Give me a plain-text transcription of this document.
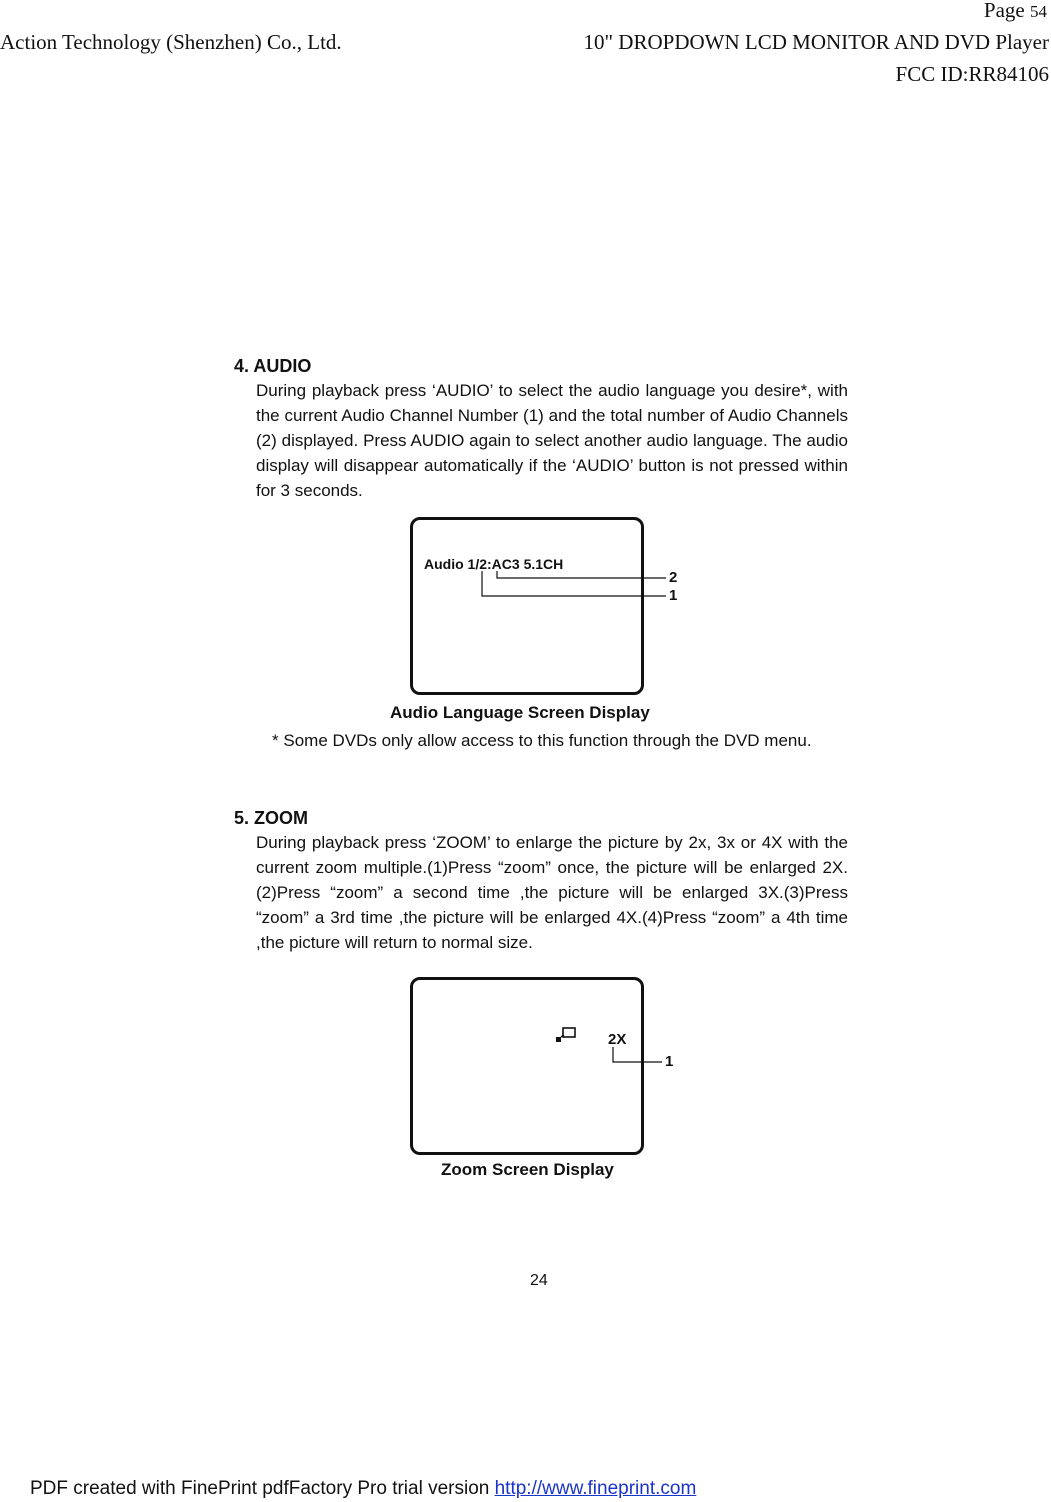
Page 54
Action Technology (Shenzhen) Co., Ltd.	10" DROPDOWN LCD MONITOR AND DVD Player
FCC ID:RR84106
4. AUDIO
During playback press ‘AUDIO’ to select the audio language you desire*, with the current Audio Channel Number (1) and the total number of Audio Channels (2) displayed. Press AUDIO again to select another audio language. The audio display will disappear automatically if the ‘AUDIO’ button is not pressed within for 3 seconds.
Audio 1/2:AC3 5.1CH
2
1
Audio Language Screen Display
* Some DVDs only allow access to this function through the DVD menu.
5. ZOOM
During playback press ‘ZOOM’ to enlarge the picture by 2x, 3x or 4X with the current zoom multiple.(1)Press “zoom” once, the picture will be enlarged 2X.(2)Press “zoom” a second time ,the picture will be enlarged 3X.(3)Press “zoom” a 3rd time ,the picture will be enlarged 4X.(4)Press “zoom” a 4th time ,the picture will return to normal size.
2X
1
Zoom Screen Display
24
PDF created with FinePrint pdfFactory Pro trial version http://www.fineprint.com
